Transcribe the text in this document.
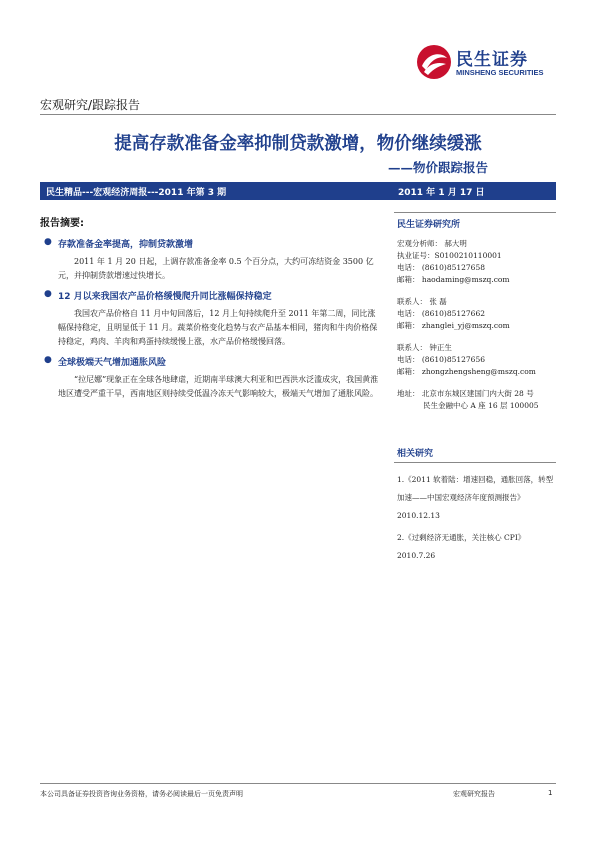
民生证券
MINSHENG SECURITIES
宏观研究/跟踪报告
提高存款准备金率抑制贷款激增，物价继续缓涨
——物价跟踪报告
民生精品---宏观经济周报---2011 年第 3 期	2011 年 1 月 17 日
报告摘要:
● 存款准备金率提高，抑制贷款激增

2011 年 1 月 20 日起，上调存款准备金率 0.5 个百分点，大约可冻结资金 3500 亿元，并抑制贷款增速过快增长。

● 12 月以来我国农产品价格缓慢爬升同比涨幅保持稳定

我国农产品价格自 11 月中旬回落后，12 月上旬持续爬升至 2011 年第二周，同比涨幅保持稳定，且明显低于 11 月。蔬菜价格变化趋势与农产品基本相同，猪肉和牛肉价格保持稳定，鸡肉、羊肉和鸡蛋持续缓慢上涨，水产品价格缓慢回落。

● 全球极端天气增加通胀风险

“拉尼娜”现象正在全球各地肆虐，近期南半球澳大利亚和巴西洪水泛滥成灾，我国黄淮地区遭受严重干旱，西南地区则持续受低温冷冻天气影响较大，极端天气增加了通胀风险。

民生证券研究所
宏观分析师： 郝大明
执业证号：S0100210110001
电话： (8610)85127658
邮箱： haodaming@mszq.com
联系人： 张 磊
电话： (8610)85127662
邮箱： zhanglei_yj@mszq.com
联系人： 钟正生
电话： (8610)85127656
邮箱： zhongzhengsheng@mszq.com
地址： 北京市东城区建国门内大街 28 号
民生金融中心 A 座 16 层 100005
相关研究
1.《2011 软着陆：增速回稳，通胀回落，转型加速——中国宏观经济年度预测报告》2010.12.13
2.《过剩经济无通胀，关注核心 CPI》2010.7.26
本公司具备证券投资咨询业务资格，请务必阅读最后一页免责声明	宏观研究报告	1
